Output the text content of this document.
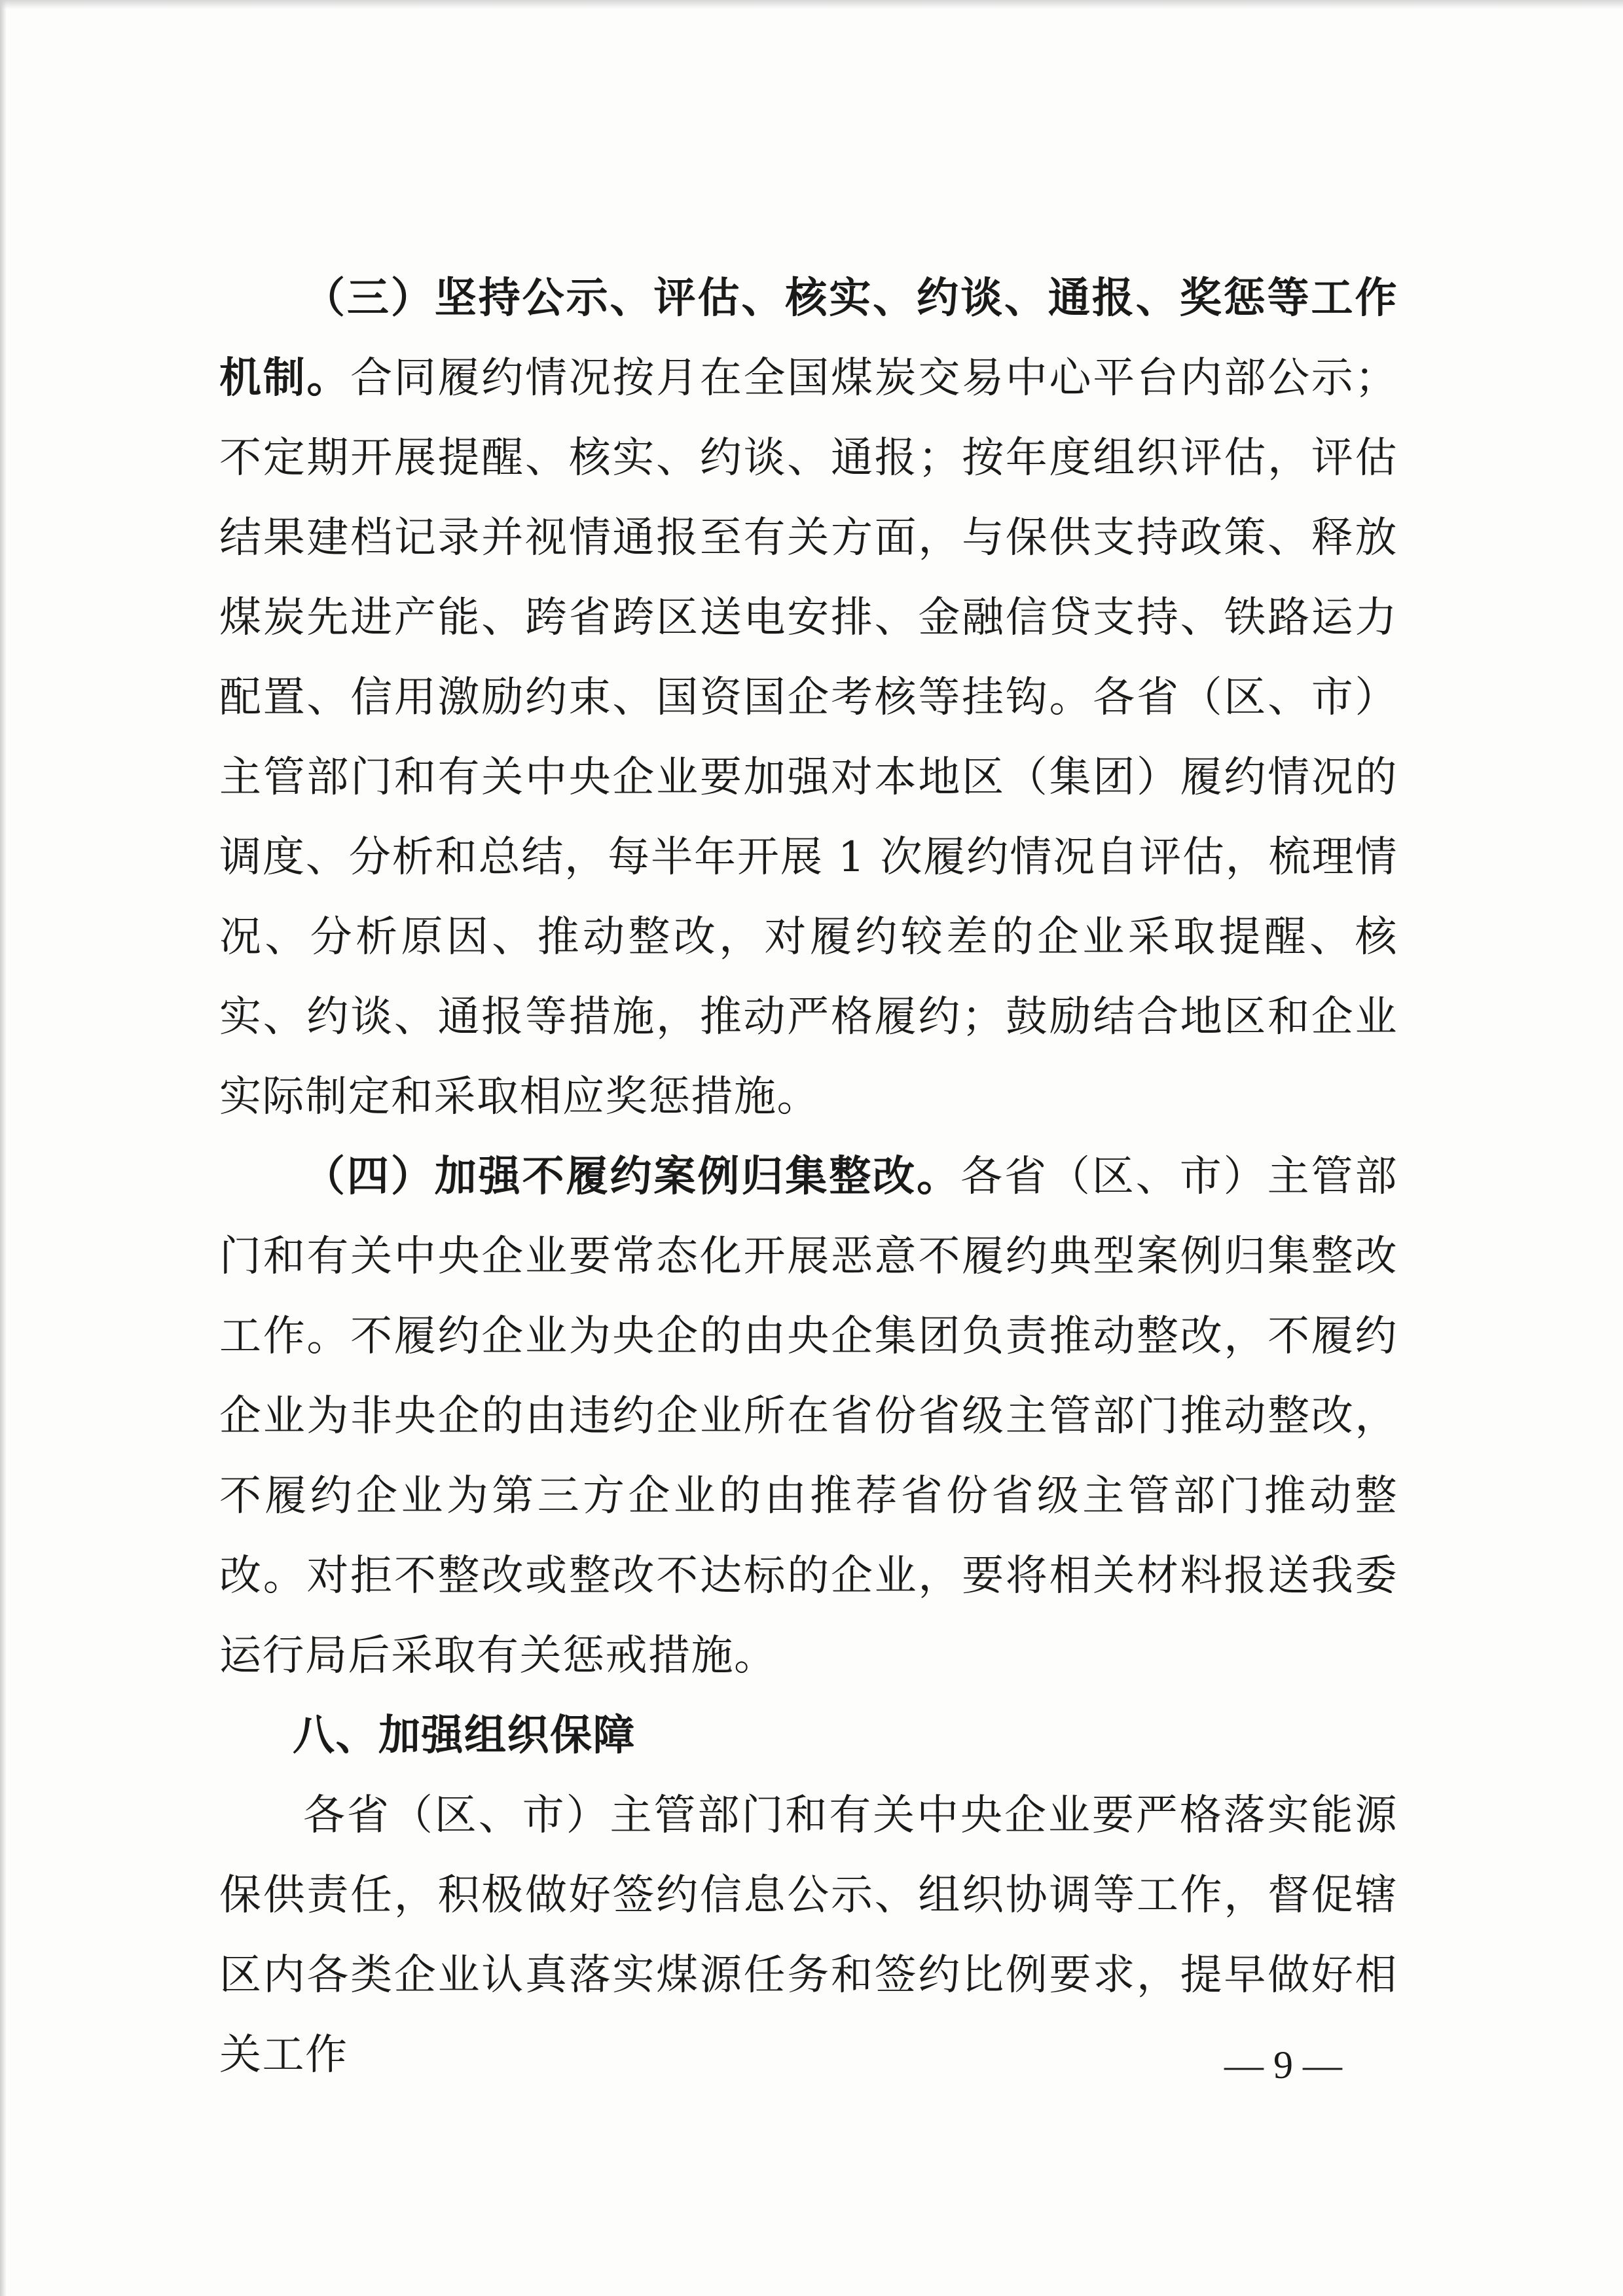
（三）坚持公示、评估、核实、约谈、通报、奖惩等工作机制。合同履约情况按月在全国煤炭交易中心平台内部公示；不定期开展提醒、核实、约谈、通报；按年度组织评估，评估结果建档记录并视情通报至有关方面，与保供支持政策、释放煤炭先进产能、跨省跨区送电安排、金融信贷支持、铁路运力配置、信用激励约束、国资国企考核等挂钩。各省（区、市）主管部门和有关中央企业要加强对本地区（集团）履约情况的调度、分析和总结，每半年开展 1 次履约情况自评估，梳理情况、分析原因、推动整改，对履约较差的企业采取提醒、核实、约谈、通报等措施，推动严格履约；鼓励结合地区和企业实际制定和采取相应奖惩措施。

（四）加强不履约案例归集整改。各省（区、市）主管部门和有关中央企业要常态化开展恶意不履约典型案例归集整改工作。不履约企业为央企的由央企集团负责推动整改，不履约企业为非央企的由违约企业所在省份省级主管部门推动整改，不履约企业为第三方企业的由推荐省份省级主管部门推动整改。对拒不整改或整改不达标的企业，要将相关材料报送我委运行局后采取有关惩戒措施。

八、加强组织保障

各省（区、市）主管部门和有关中央企业要严格落实能源保供责任，积极做好签约信息公示、组织协调等工作，督促辖区内各类企业认真落实煤源任务和签约比例要求，提早做好相关工作	— 9 —
